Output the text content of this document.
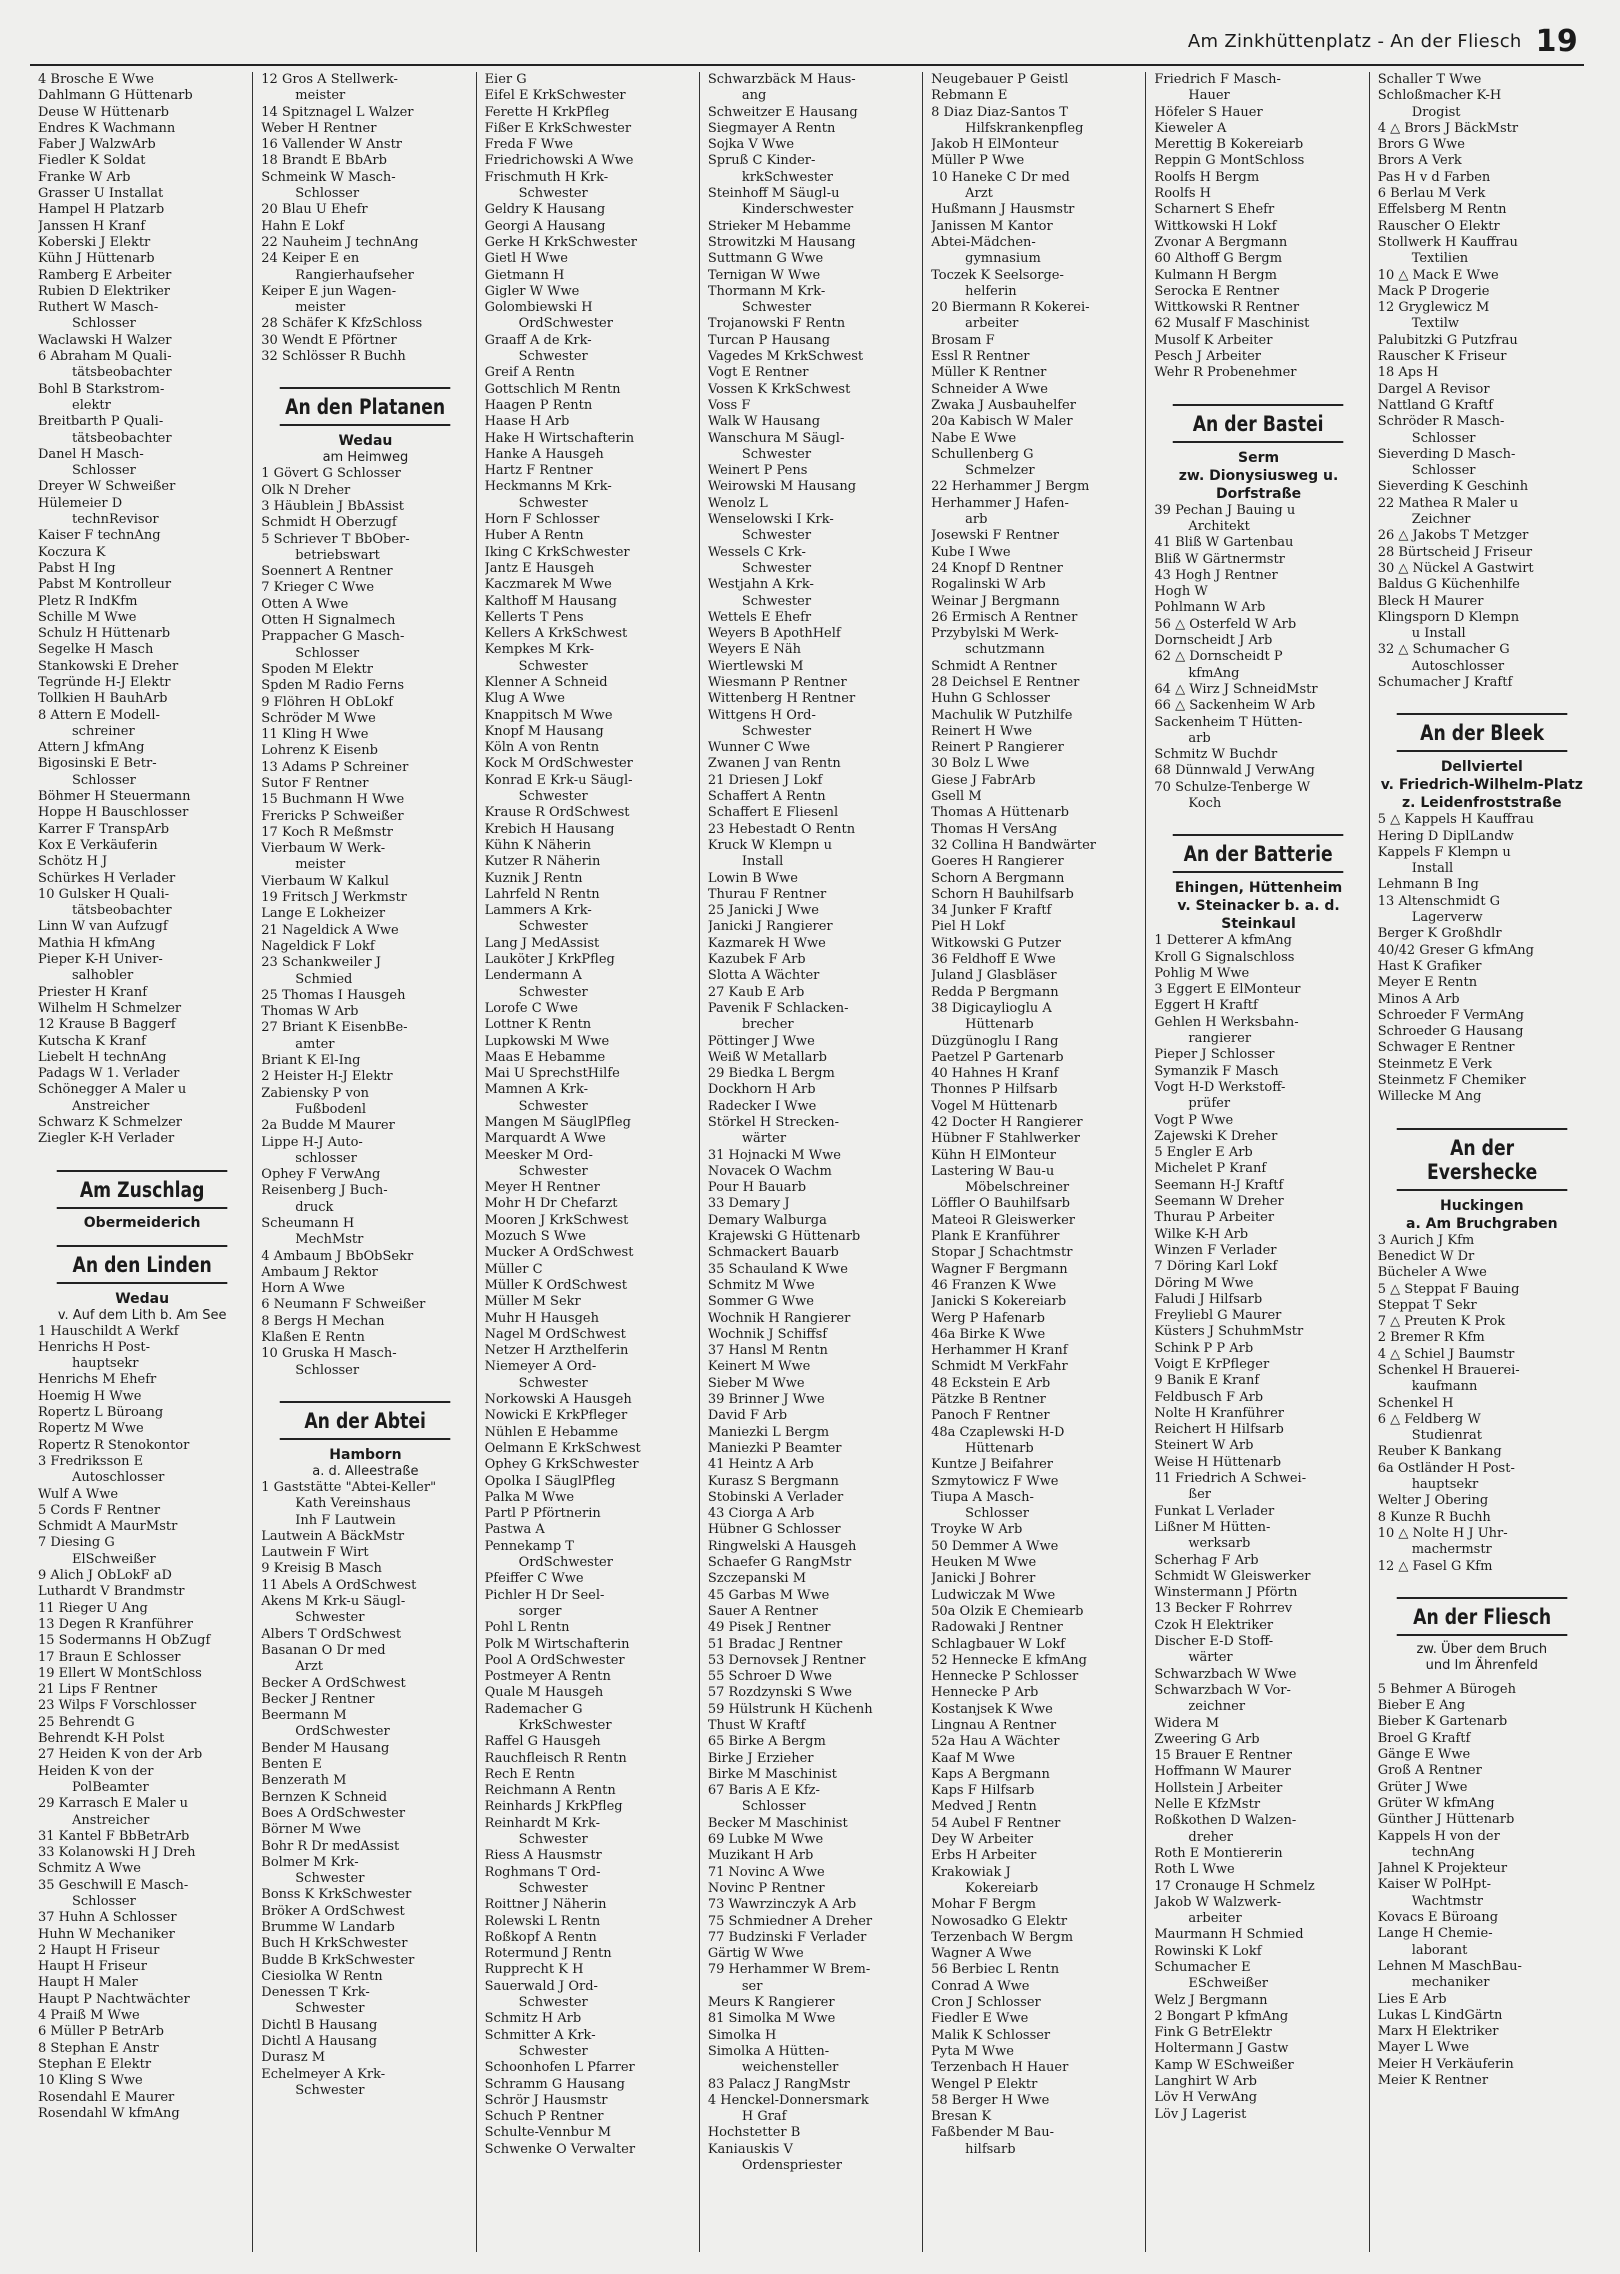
Am Zinkhüttenplatz - An der Fliesch 19
4 Brosche E Wwe
Dahlmann G Hüttenarb
Deuse W Hüttenarb
Endres K Wachmann
Faber J WalzwArb
Fiedler K Soldat
Franke W Arb
Grasser U Installat
Hampel H Platzarb
Janssen H Kranf
Koberski J Elektr
Kühn J Hüttenarb
Ramberg E Arbeiter
Rubien D Elektriker
Ruthert W Masch-
Schlosser
Waclawski H Walzer
6 Abraham M Quali-
tätsbeobachter
Bohl B Starkstrom-
elektr
Breitbarth P Quali-
tätsbeobachter
Danel H Masch-
Schlosser
Dreyer W Schweißer
Hülemeier D
technRevisor
Kaiser F technAng
Koczura K
Pabst H Ing
Pabst M Kontrolleur
Pletz R IndKfm
Schille M Wwe
Schulz H Hüttenarb
Segelke H Masch
Stankowski E Dreher
Tegründe H-J Elektr
Tollkien H BauhArb
8 Attern E Modell-
schreiner
Attern J kfmAng
Bigosinski E Betr-
Schlosser
Böhmer H Steuermann
Hoppe H Bauschlosser
Karrer F TranspArb
Kox E Verkäuferin
Schötz H J
Schürkes H Verlader
10 Gulsker H Quali-
tätsbeobachter
Linn W van Aufzugf
Mathia H kfmAng
Pieper K-H Univer-
salhobler
Priester H Kranf
Wilhelm H Schmelzer
12 Krause B Baggerf
Kutscha K Kranf
Liebelt H technAng
Padags W 1. Verlader
Schönegger A Maler u
Anstreicher
Schwarz K Schmelzer
Ziegler K-H Verlader
Am Zuschlag
Obermeiderich
An den Linden
Wedau
v. Auf dem Lith b. Am See
1 Hauschildt A Werkf
Henrichs H Post-
hauptsekr
Henrichs M Ehefr
Hoemig H Wwe
Ropertz L Büroang
Ropertz M Wwe
Ropertz R Stenokontor
3 Fredriksson E
Autoschlosser
Wulf A Wwe
5 Cords F Rentner
Schmidt A MaurMstr
7 Diesing G
ElSchweißer
9 Alich J ObLokF aD
Luthardt V Brandmstr
11 Rieger U Ang
13 Degen R Kranführer
15 Sodermanns H ObZugf
17 Braun E Schlosser
19 Ellert W MontSchloss
21 Lips F Rentner
23 Wilps F Vorschlosser
25 Behrendt G
Behrendt K-H Polst
27 Heiden K von der Arb
Heiden K von der
PolBeamter
29 Karrasch E Maler u
Anstreicher
31 Kantel F BbBetrArb
33 Kolanowski H J Dreh
Schmitz A Wwe
35 Geschwill E Masch-
Schlosser
37 Huhn A Schlosser
Huhn W Mechaniker
2 Haupt H Friseur
Haupt H Friseur
Haupt H Maler
Haupt P Nachtwächter
4 Praiß M Wwe
6 Müller P BetrArb
8 Stephan E Anstr
Stephan E Elektr
10 Kling S Wwe
Rosendahl E Maurer
Rosendahl W kfmAng
12 Gros A Stellwerk-
meister
14 Spitznagel L Walzer
Weber H Rentner
16 Vallender W Anstr
18 Brandt E BbArb
Schmeink W Masch-
Schlosser
20 Blau U Ehefr
Hahn E Lokf
22 Nauheim J technAng
24 Keiper E en
Rangierhaufseher
Keiper E jun Wagen-
meister
28 Schäfer K KfzSchloss
30 Wendt E Pförtner
32 Schlösser R Buchh
An den Platanen
Wedau
am Heimweg
1 Gövert G Schlosser
Olk N Dreher
3 Häublein J BbAssist
Schmidt H Oberzugf
5 Schriever T BbOber-
betriebswart
Soennert A Rentner
7 Krieger C Wwe
Otten A Wwe
Otten H Signalmech
Prappacher G Masch-
Schlosser
Spoden M Elektr
Spden M Radio Ferns
9 Flöhren H ObLokf
Schröder M Wwe
11 Kling H Wwe
Lohrenz K Eisenb
13 Adams P Schreiner
Sutor F Rentner
15 Buchmann H Wwe
Frericks P Schweißer
17 Koch R Meßmstr
Vierbaum W Werk-
meister
Vierbaum W Kalkul
19 Fritsch J Werkmstr
Lange E Lokheizer
21 Nageldick A Wwe
Nageldick F Lokf
23 Schankweiler J
Schmied
25 Thomas I Hausgeh
Thomas W Arb
27 Briant K EisenbBe-
amter
Briant K El-Ing
2 Heister H-J Elektr
Zabiensky P von
Fußbodenl
2a Budde M Maurer
Lippe H-J Auto-
schlosser
Ophey F VerwAng
Reisenberg J Buch-
druck
Scheumann H
MechMstr
4 Ambaum J BbObSekr
Ambaum J Rektor
Horn A Wwe
6 Neumann F Schweißer
8 Bergs H Mechan
Klaßen E Rentn
10 Gruska H Masch-
Schlosser
An der Abtei
Hamborn
a. d. Alleestraße
1 Gaststätte "Abtei-Keller"
Kath Vereinshaus
Inh F Lautwein
Lautwein A BäckMstr
Lautwein F Wirt
9 Kreisig B Masch
11 Abels A OrdSchwest
Akens M Krk-u Säugl-
Schwester
Albers T OrdSchwest
Basanan O Dr med
Arzt
Becker A OrdSchwest
Becker J Rentner
Beermann M
OrdSchwester
Bender M Hausang
Benten E
Benzerath M
Bernzen K Schneid
Boes A OrdSchwester
Börner M Wwe
Bohr R Dr medAssist
Bolmer M Krk-
Schwester
Bonss K KrkSchwester
Bröker A OrdSchwest
Brumme W Landarb
Buch H KrkSchwester
Budde B KrkSchwester
Ciesiolka W Rentn
Denessen T Krk-
Schwester
Dichtl B Hausang
Dichtl A Hausang
Durasz M
Echelmeyer A Krk-
Schwester
Eier G
Eifel E KrkSchwester
Ferette H KrkPfleg
Fißer E KrkSchwester
Freda F Wwe
Friedrichowski A Wwe
Frischmuth H Krk-
Schwester
Geldry K Hausang
Georgi A Hausang
Gerke H KrkSchwester
Gietl H Wwe
Gietmann H
Gigler W Wwe
Golombiewski H
OrdSchwester
Graaff A de Krk-
Schwester
Greif A Rentn
Gottschlich M Rentn
Haagen P Rentn
Haase H Arb
Hake H Wirtschafterin
Hanke A Hausgeh
Hartz F Rentner
Heckmanns M Krk-
Schwester
Horn F Schlosser
Huber A Rentn
Iking C KrkSchwester
Jantz E Hausgeh
Kaczmarek M Wwe
Kalthoff M Hausang
Kellerts T Pens
Kellers A KrkSchwest
Kempkes M Krk-
Schwester
Klenner A Schneid
Klug A Wwe
Knappitsch M Wwe
Knopf M Hausang
Köln A von Rentn
Kock M OrdSchwester
Konrad E Krk-u Säugl-
Schwester
Krause R OrdSchwest
Krebich H Hausang
Kühn K Näherin
Kutzer R Näherin
Kuznik J Rentn
Lahrfeld N Rentn
Lammers A Krk-
Schwester
Lang J MedAssist
Lauköter J KrkPfleg
Lendermann A
Schwester
Lorofe C Wwe
Lottner K Rentn
Lupkowski M Wwe
Maas E Hebamme
Mai U SprechstHilfe
Mamnen A Krk-
Schwester
Mangen M SäuglPfleg
Marquardt A Wwe
Meesker M Ord-
Schwester
Meyer H Rentner
Mohr H Dr Chefarzt
Mooren J KrkSchwest
Mozuch S Wwe
Mucker A OrdSchwest
Müller C
Müller K OrdSchwest
Müller M Sekr
Muhr H Hausgeh
Nagel M OrdSchwest
Netzer H Arzthelferin
Niemeyer A Ord-
Schwester
Norkowski A Hausgeh
Nowicki E KrkPfleger
Nühlen E Hebamme
Oelmann E KrkSchwest
Ophey G KrkSchwester
Opolka I SäuglPfleg
Palka M Wwe
Partl P Pförtnerin
Pastwa A
Pennekamp T
OrdSchwester
Pfeiffer C Wwe
Pichler H Dr Seel-
sorger
Pohl L Rentn
Polk M Wirtschafterin
Pool A OrdSchwester
Postmeyer A Rentn
Quale M Hausgeh
Rademacher G
KrkSchwester
Raffel G Hausgeh
Rauchfleisch R Rentn
Rech E Rentn
Reichmann A Rentn
Reinhards J KrkPfleg
Reinhardt M Krk-
Schwester
Riess A Hausmstr
Roghmans T Ord-
Schwester
Roittner J Näherin
Rolewski L Rentn
Roßkopf A Rentn
Rotermund J Rentn
Rupprecht K H
Sauerwald J Ord-
Schwester
Schmitz H Arb
Schmitter A Krk-
Schwester
Schoonhofen L Pfarrer
Schramm G Hausang
Schrör J Hausmstr
Schuch P Rentner
Schulte-Vennbur M
Schwenke O Verwalter
Schwarzbäck M Haus-
ang
Schweitzer E Hausang
Siegmayer A Rentn
Sojka V Wwe
Spruß C Kinder-
krkSchwester
Steinhoff M Säugl-u
Kinderschwester
Strieker M Hebamme
Strowitzki M Hausang
Suttmann G Wwe
Ternigan W Wwe
Thormann M Krk-
Schwester
Trojanowski F Rentn
Turcan P Hausang
Vagedes M KrkSchwest
Vogt E Rentner
Vossen K KrkSchwest
Voss F
Walk W Hausang
Wanschura M Säugl-
Schwester
Weinert P Pens
Weirowski M Hausang
Wenolz L
Wenselowski I Krk-
Schwester
Wessels C Krk-
Schwester
Westjahn A Krk-
Schwester
Wettels E Ehefr
Weyers B ApothHelf
Weyers E Näh
Wiertlewski M
Wiesmann P Rentner
Wittenberg H Rentner
Wittgens H Ord-
Schwester
Wunner C Wwe
Zwanen J van Rentn
21 Driesen J Lokf
Schaffert A Rentn
Schaffert E Fliesenl
23 Hebestadt O Rentn
Kruck W Klempn u
Install
Lowin B Wwe
Thurau F Rentner
25 Janicki J Wwe
Janicki J Rangierer
Kazmarek H Wwe
Kazubek F Arb
Slotta A Wächter
27 Kaub E Arb
Pavenik F Schlacken-
brecher
Pöttinger J Wwe
Weiß W Metallarb
29 Biedka L Bergm
Dockhorn H Arb
Radecker I Wwe
Störkel H Strecken-
wärter
31 Hojnacki M Wwe
Novacek O Wachm
Pour H Bauarb
33 Demary J
Demary Walburga
Krajewski G Hüttenarb
Schmackert Bauarb
35 Schauland K Wwe
Schmitz M Wwe
Sommer G Wwe
Wochnik H Rangierer
Wochnik J Schiffsf
37 Hansl M Rentn
Keinert M Wwe
Sieber M Wwe
39 Brinner J Wwe
David F Arb
Maniezki L Bergm
Maniezki P Beamter
41 Heintz A Arb
Kurasz S Bergmann
Stobinski A Verlader
43 Ciorga A Arb
Hübner G Schlosser
Ringwelski A Hausgeh
Schaefer G RangMstr
Szczepanski M
45 Garbas M Wwe
Sauer A Rentner
49 Pisek J Rentner
51 Bradac J Rentner
53 Dernovsek J Rentner
55 Schroer D Wwe
57 Rozdzynski S Wwe
59 Hülstrunk H Küchenh
Thust W Kraftf
65 Birke A Bergm
Birke J Erzieher
Birke M Maschinist
67 Baris A E Kfz-
Schlosser
Becker M Maschinist
69 Lubke M Wwe
Muzikant H Arb
71 Novinc A Wwe
Novinc P Rentner
73 Wawrzinczyk A Arb
75 Schmiedner A Dreher
77 Budzinski F Verlader
Gärtig W Wwe
79 Herhammer W Brem-
ser
Meurs K Rangierer
81 Simolka M Wwe
Simolka H
Simolka A Hütten-
weichensteller
83 Palacz J RangMstr
4 Henckel-Donnersmark
H Graf
Hochstetter B
Kaniauskis V
Ordenspriester
Neugebauer P Geistl
Rebmann E
8 Diaz Diaz-Santos T
Hilfskrankenpfleg
Jakob H ElMonteur
Müller P Wwe
10 Haneke C Dr med
Arzt
Hußmann J Hausmstr
Janissen M Kantor
Abtei-Mädchen-
gymnasium
Toczek K Seelsorge-
helferin
20 Biermann R Kokerei-
arbeiter
Brosam F
Essl R Rentner
Müller K Rentner
Schneider A Wwe
Zwaka J Ausbauhelfer
20a Kabisch W Maler
Nabe E Wwe
Schullenberg G
Schmelzer
22 Herhammer J Bergm
Herhammer J Hafen-
arb
Josewski F Rentner
Kube I Wwe
24 Knopf D Rentner
Rogalinski W Arb
Weinar J Bergmann
26 Ermisch A Rentner
Przybylski M Werk-
schutzmann
Schmidt A Rentner
28 Deichsel E Rentner
Huhn G Schlosser
Machulik W Putzhilfe
Reinert H Wwe
Reinert P Rangierer
30 Bolz L Wwe
Giese J FabrArb
Gsell M
Thomas A Hüttenarb
Thomas H VersAng
32 Collina H Bandwärter
Goeres H Rangierer
Schorn A Bergmann
Schorn H Bauhilfsarb
34 Junker F Kraftf
Piel H Lokf
Witkowski G Putzer
36 Feldhoff E Wwe
Juland J Glasbläser
Redda P Bergmann
38 Digicaylioglu A
Hüttenarb
Düzgünoglu I Rang
Paetzel P Gartenarb
40 Hahnes H Kranf
Thonnes P Hilfsarb
Vogel M Hüttenarb
42 Docter H Rangierer
Hübner F Stahlwerker
Kühn H ElMonteur
Lastering W Bau-u
Möbelschreiner
Löffler O Bauhilfsarb
Mateoi R Gleiswerker
Plank E Kranführer
Stopar J Schachtmstr
Wagner F Bergmann
46 Franzen K Wwe
Janicki S Kokereiarb
Werg P Hafenarb
46a Birke K Wwe
Herhammer H Kranf
Schmidt M VerkFahr
48 Eckstein E Arb
Pätzke B Rentner
Panoch F Rentner
48a Czaplewski H-D
Hüttenarb
Kuntze J Beifahrer
Szmytowicz F Wwe
Tiupa A Masch-
Schlosser
Troyke W Arb
50 Demmer A Wwe
Heuken M Wwe
Janicki J Bohrer
Ludwiczak M Wwe
50a Ölzik E Chemiearb
Radowaki J Rentner
Schlagbauer W Lokf
52 Hennecke E kfmAng
Hennecke P Schlosser
Hennecke P Arb
Kostanjsek K Wwe
Lingnau A Rentner
52a Hau A Wächter
Kaaf M Wwe
Kaps A Bergmann
Kaps F Hilfsarb
Medved J Rentn
54 Aubel F Rentner
Dey W Arbeiter
Erbs H Arbeiter
Krakowiak J
Kokereiarb
Mohar F Bergm
Nowosadko G Elektr
Terzenbach W Bergm
Wagner A Wwe
56 Berbiec L Rentn
Conrad A Wwe
Cron J Schlosser
Fiedler E Wwe
Malik K Schlosser
Pyta M Wwe
Terzenbach H Hauer
Wengel P Elektr
58 Berger H Wwe
Bresan K
Faßbender M Bau-
hilfsarb
Friedrich F Masch-
Hauer
Höfeler S Hauer
Kieweler A
Merettig B Kokereiarb
Reppin G MontSchloss
Roolfs H Bergm
Roolfs H
Scharnert S Ehefr
Wittkowski H Lokf
Zvonar A Bergmann
60 Althoff G Bergm
Kulmann H Bergm
Serocka E Rentner
Wittkowski R Rentner
62 Musalf F Maschinist
Musolf K Arbeiter
Pesch J Arbeiter
Wehr R Probenehmer
An der Bastei
Serm
zw. Dionysiusweg u.
Dorfstraße
39 Pechan J Bauing u
Architekt
41 Bliß W Gartenbau
Bliß W Gärtnermstr
43 Hogh J Rentner
Hogh W
Pohlmann W Arb
56 △ Osterfeld W Arb
Dornscheidt J Arb
62 △ Dornscheidt P
kfmAng
64 △ Wirz J SchneidMstr
66 △ Sackenheim W Arb
Sackenheim T Hütten-
arb
Schmitz W Buchdr
68 Dünnwald J VerwAng
70 Schulze-Tenberge W
Koch
An der Batterie
Ehingen, Hüttenheim
v. Steinacker b. a. d.
Steinkaul
1 Detterer A kfmAng
Kroll G Signalschloss
Pohlig M Wwe
3 Eggert E ElMonteur
Eggert H Kraftf
Gehlen H Werksbahn-
rangierer
Pieper J Schlosser
Symanzik F Masch
Vogt H-D Werkstoff-
prüfer
Vogt P Wwe
Zajewski K Dreher
5 Engler E Arb
Michelet P Kranf
Seemann H-J Kraftf
Seemann W Dreher
Thurau P Arbeiter
Wilke K-H Arb
Winzen F Verlader
7 Döring Karl Lokf
Döring M Wwe
Faludi J Hilfsarb
Freyliebl G Maurer
Küsters J SchuhmMstr
Schink P P Arb
Voigt E KrPfleger
9 Banik E Kranf
Feldbusch F Arb
Nolte H Kranführer
Reichert H Hilfsarb
Steinert W Arb
Weise H Hüttenarb
11 Friedrich A Schwei-
ßer
Funkat L Verlader
Lißner M Hütten-
werksarb
Scherhag F Arb
Schmidt W Gleiswerker
Winstermann J Pförtn
13 Becker F Rohrrev
Czok H Elektriker
Discher E-D Stoff-
wärter
Schwarzbach W Wwe
Schwarzbach W Vor-
zeichner
Widera M
Zweering G Arb
15 Brauer E Rentner
Hoffmann W Maurer
Hollstein J Arbeiter
Nelle E KfzMstr
Roßkothen D Walzen-
dreher
Roth E Montiererin
Roth L Wwe
17 Cronauge H Schmelz
Jakob W Walzwerk-
arbeiter
Maurmann H Schmied
Rowinski K Lokf
Schumacher E
ESchweißer
Welz J Bergmann
2 Bongart P kfmAng
Fink G BetrElektr
Holtermann J Gastw
Kamp W ESchweißer
Langhirt W Arb
Löv H VerwAng
Löv J Lagerist
Schaller T Wwe
Schloßmacher K-H
Drogist
4 △ Brors J BäckMstr
Brors G Wwe
Brors A Verk
Pas H v d Farben
6 Berlau M Verk
Effelsberg M Rentn
Rauscher O Elektr
Stollwerk H Kauffrau
Textilien
10 △ Mack E Wwe
Mack P Drogerie
12 Gryglewicz M
Textilw
Palubitzki G Putzfrau
Rauscher K Friseur
18 Aps H
Dargel A Revisor
Nattland G Kraftf
Schröder R Masch-
Schlosser
Sieverding D Masch-
Schlosser
Sieverding K Geschinh
22 Mathea R Maler u
Zeichner
26 △ Jakobs T Metzger
28 Bürtscheid J Friseur
30 △ Nückel A Gastwirt
Baldus G Küchenhilfe
Bleck H Maurer
Klingsporn D Klempn
u Install
32 △ Schumacher G
Autoschlosser
Schumacher J Kraftf
An der Bleek
Dellviertel
v. Friedrich-Wilhelm-Platz
z. Leidenfroststraße
5 △ Kappels H Kauffrau
Hering D DiplLandw
Kappels F Klempn u
Install
Lehmann B Ing
13 Altenschmidt G
Lagerverw
Berger K Großhdlr
40/42 Greser G kfmAng
Hast K Grafiker
Meyer E Rentn
Minos A Arb
Schroeder F VermAng
Schroeder G Hausang
Schwager E Rentner
Steinmetz E Verk
Steinmetz F Chemiker
Willecke M Ang
An der Evershecke
Huckingen
a. Am Bruchgraben
3 Aurich J Kfm
Benedict W Dr
Bücheler A Wwe
5 △ Steppat F Bauing
Steppat T Sekr
7 △ Preuten K Prok
2 Bremer R Kfm
4 △ Schiel J Baumstr
Schenkel H Brauerei-
kaufmann
Schenkel H
6 △ Feldberg W
Studienrat
Reuber K Bankang
6a Ostländer H Post-
hauptsekr
Welter J Obering
8 Kunze R Buchh
10 △ Nolte H J Uhr-
machermstr
12 △ Fasel G Kfm
An der Fliesch
zw. Über dem Bruch
und Im Ährenfeld
5 Behmer A Bürogeh
Bieber E Ang
Bieber K Gartenarb
Broel G Kraftf
Gänge E Wwe
Groß A Rentner
Grüter J Wwe
Grüter W kfmAng
Günther J Hüttenarb
Kappels H von der
technAng
Jahnel K Projekteur
Kaiser W PolHpt-
Wachtmstr
Kovacs E Büroang
Lange H Chemie-
laborant
Lehnen M MaschBau-
mechaniker
Lies E Arb
Lukas L KindGärtn
Marx H Elektriker
Mayer L Wwe
Meier H Verkäuferin
Meier K Rentner
